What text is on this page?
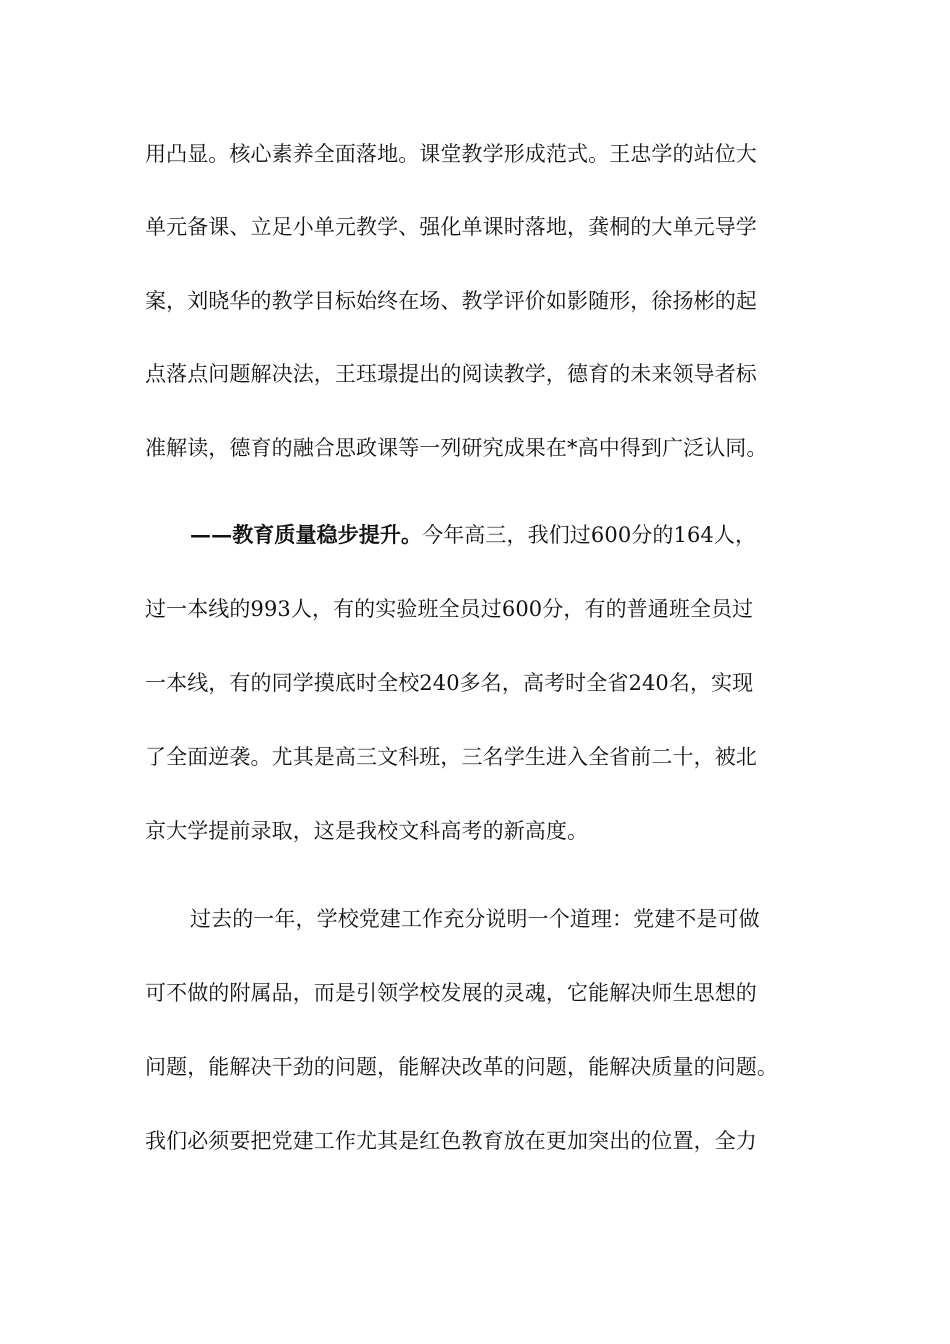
用凸显。核心素养全面落地。课堂教学形成范式。王忠学的站位大
单元备课、立足小单元教学、强化单课时落地，龚桐的大单元导学
案，刘晓华的教学目标始终在场、教学评价如影随形，徐扬彬的起
点落点问题解决法，王珏璟提出的阅读教学，德育的未来领导者标
准解读，德育的融合思政课等一列研究成果在*高中得到广泛认同。
——教育质量稳步提升。今年高三，我们过600分的164人，
过一本线的993人，有的实验班全员过600分，有的普通班全员过
一本线，有的同学摸底时全校240多名，高考时全省240名，实现
了全面逆袭。尤其是高三文科班，三名学生进入全省前二十，被北
京大学提前录取，这是我校文科高考的新高度。
过去的一年，学校党建工作充分说明一个道理：党建不是可做
可不做的附属品，而是引领学校发展的灵魂，它能解决师生思想的
问题，能解决干劲的问题，能解决改革的问题，能解决质量的问题。
我们必须要把党建工作尤其是红色教育放在更加突出的位置，全力
